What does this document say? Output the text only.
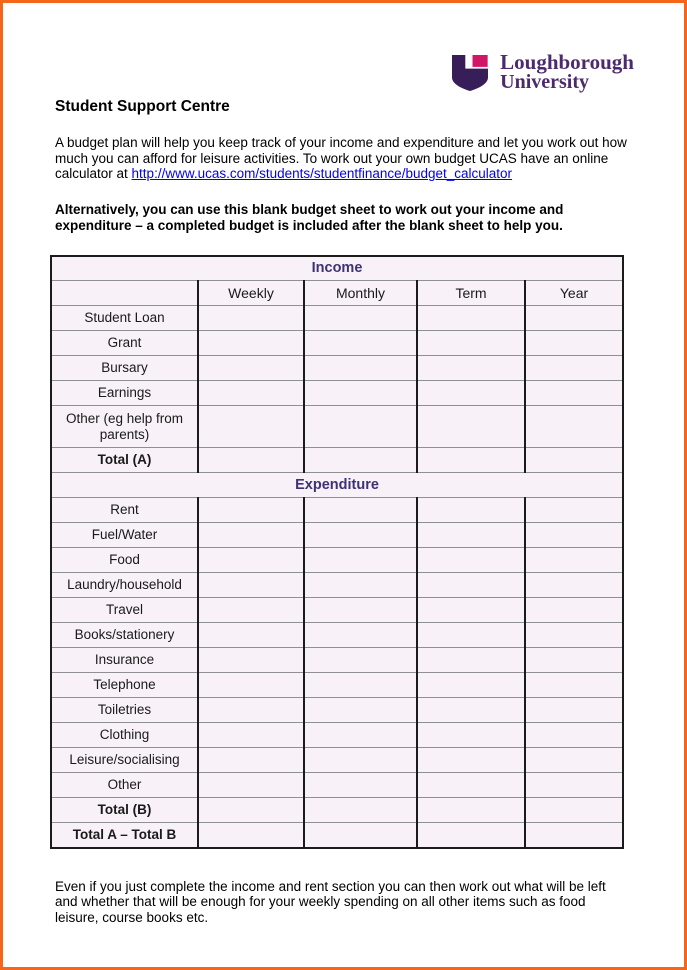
Loughborough
University
Student Support Centre

A budget plan will help you keep track of your income and expenditure and let you work out how much you can afford for leisure activities. To work out your own budget UCAS have an online calculator at http://www.ucas.com/students/studentfinance/budget_calculator

Alternatively, you can use this blank budget sheet to work out your income and expenditure – a completed budget is included after the blank sheet to help you.

Income				
	Weekly	Monthly	Term	Year
Student Loan				
Grant				
Bursary				
Earnings				
Other (eg help from parents)				
Total (A)				
Expenditure				
Rent				
Fuel/Water				
Food				
Laundry/household				
Travel				
Books/stationery				
Insurance				
Telephone				
Toiletries				
Clothing				
Leisure/socialising				
Other				
Total (B)				
Total A – Total B				

Even if you just complete the income and rent section you can then work out what will be left and whether that will be enough for your weekly spending on all other items such as food leisure, course books etc.
